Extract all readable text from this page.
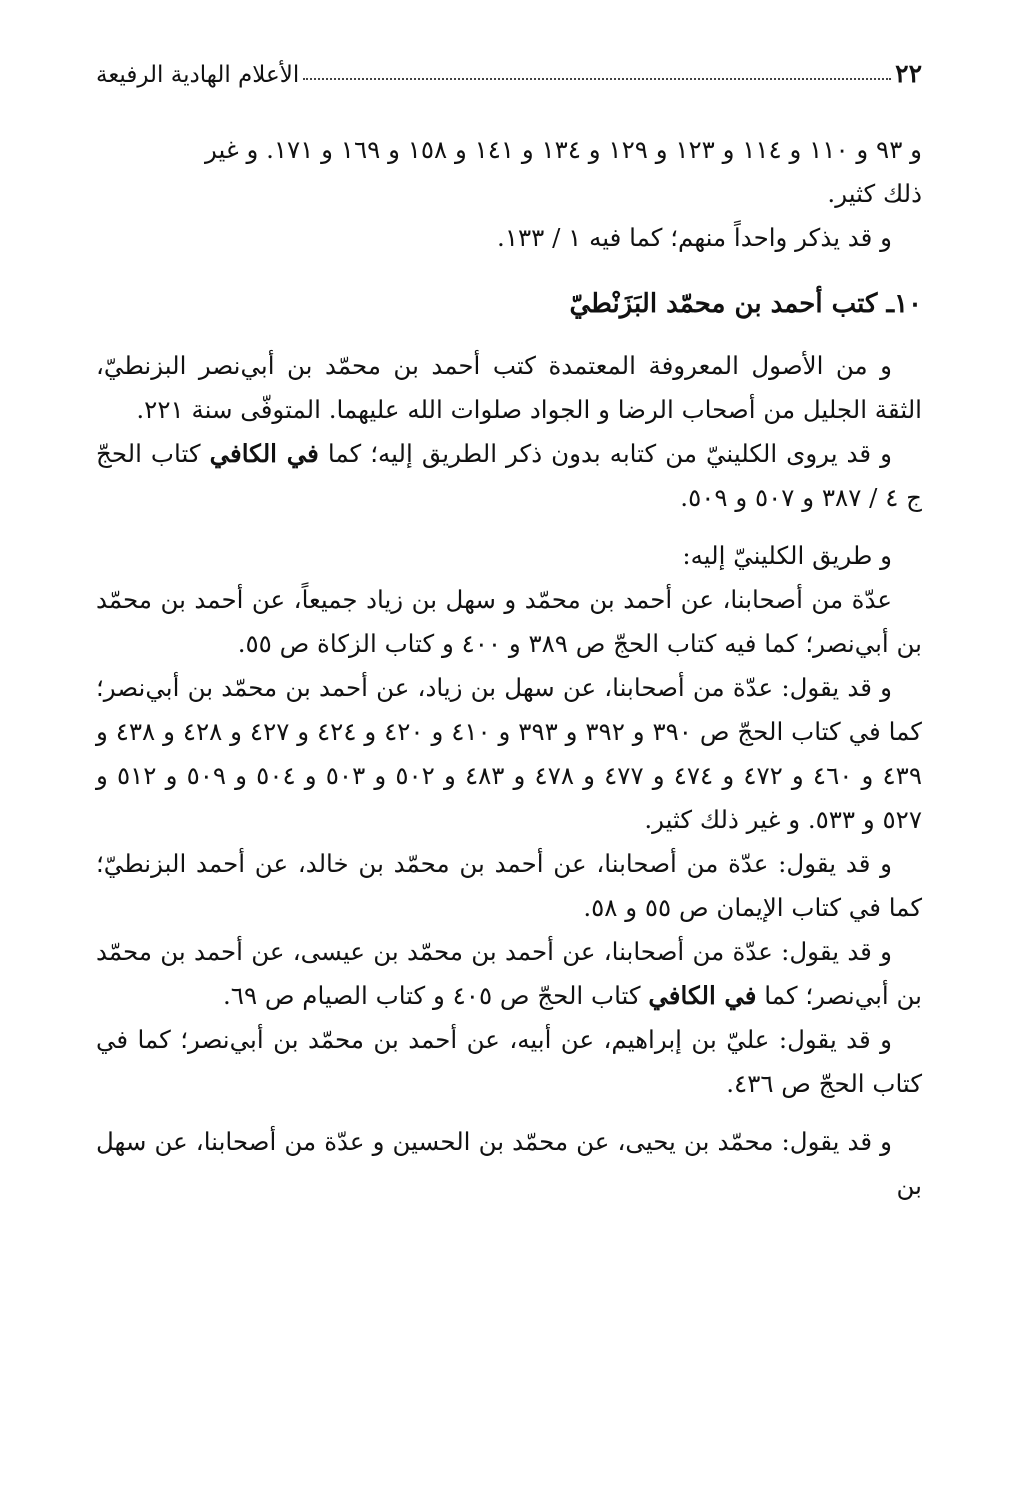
٢٢
الأعلام الهادية الرفيعة

و ٩٣ و ١١٠ و ١١٤ و ١٢٣ و ١٢٩ و ١٣٤ و ١٤١ و ١٥٨ و ١٦٩ و ١٧١. و غير

ذلك كثير.

و قد يذكر واحداً منهم؛ كما فيه ١ / ١٣٣.

١٠ـ كتب أحمد بن محمّد البَزَنْطيّ

و من الأصول المعروفة المعتمدة كتب أحمد بن محمّد بن أبي‌نصر البزنطيّ، الثقة الجليل من أصحاب الرضا و الجواد صلوات الله عليهما. المتوفّى سنة ٢٢١.

و قد يروى الكلينيّ من كتابه بدون ذكر الطريق إليه؛ كما في الكافي كتاب الحجّ ج ٤ / ٣٨٧ و ٥٠٧ و ٥٠٩.

و طريق الكلينيّ إليه:

عدّة من أصحابنا، عن أحمد بن محمّد و سهل بن زياد جميعاً، عن أحمد بن محمّد بن أبي‌نصر؛ كما فيه كتاب الحجّ ص ٣٨٩ و ٤٠٠ و كتاب الزكاة ص ٥٥.

و قد يقول: عدّة من أصحابنا، عن سهل بن زياد، عن أحمد بن محمّد بن أبي‌نصر؛ كما في كتاب الحجّ ص ٣٩٠ و ٣٩٢ و ٣٩٣ و ٤١٠ و ٤٢٠ و ٤٢٤ و ٤٢٧ و ٤٢٨ و ٤٣٨ و ٤٣٩ و ٤٦٠ و ٤٧٢ و ٤٧٤ و ٤٧٧ و ٤٧٨ و ٤٨٣ و ٥٠٢ و ٥٠٣ و ٥٠٤ و ٥٠٩ و ٥١٢ و ٥٢٧ و ٥٣٣. و غير ذلك كثير.

و قد يقول: عدّة من أصحابنا، عن أحمد بن محمّد بن خالد، عن أحمد البزنطيّ؛ كما في كتاب الإيمان ص ٥٥ و ٥٨.

و قد يقول: عدّة من أصحابنا، عن أحمد بن محمّد بن عيسى، عن أحمد بن محمّد بن أبي‌نصر؛ كما في الكافي كتاب الحجّ ص ٤٠٥ و كتاب الصيام ص ٦٩.

و قد يقول: عليّ بن إبراهيم، عن أبيه، عن أحمد بن محمّد بن أبي‌نصر؛ كما في كتاب الحجّ ص ٤٣٦.

و قد يقول: محمّد بن يحيى، عن محمّد بن الحسين و عدّة من أصحابنا، عن سهل بن
